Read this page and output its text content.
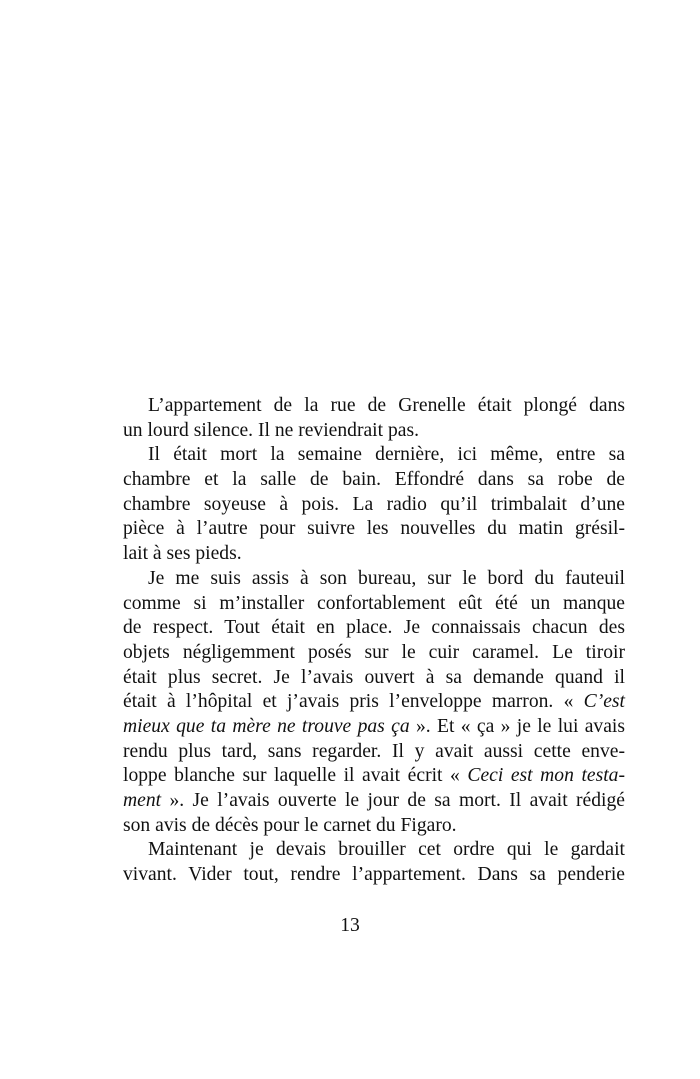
L’appartement de la rue de Grenelle était plongé dans
un lourd silence. Il ne reviendrait pas.
Il était mort la semaine dernière, ici même, entre sa
chambre et la salle de bain. Effondré dans sa robe de
chambre soyeuse à pois. La radio qu’il trimbalait d’une
pièce à l’autre pour suivre les nouvelles du matin grésil-
lait à ses pieds.
Je me suis assis à son bureau, sur le bord du fauteuil
comme si m’installer confortablement eût été un manque
de respect. Tout était en place. Je connaissais chacun des
objets négligemment posés sur le cuir caramel. Le tiroir
était plus secret. Je l’avais ouvert à sa demande quand il
était à l’hôpital et j’avais pris l’enveloppe marron. « C’est
mieux que ta mère ne trouve pas ça ». Et « ça » je le lui avais
rendu plus tard, sans regarder. Il y avait aussi cette enve-
loppe blanche sur laquelle il avait écrit « Ceci est mon testa-
ment ». Je l’avais ouverte le jour de sa mort. Il avait rédigé
son avis de décès pour le carnet du Figaro.
Maintenant je devais brouiller cet ordre qui le gardait
vivant. Vider tout, rendre l’appartement. Dans sa penderie
13
